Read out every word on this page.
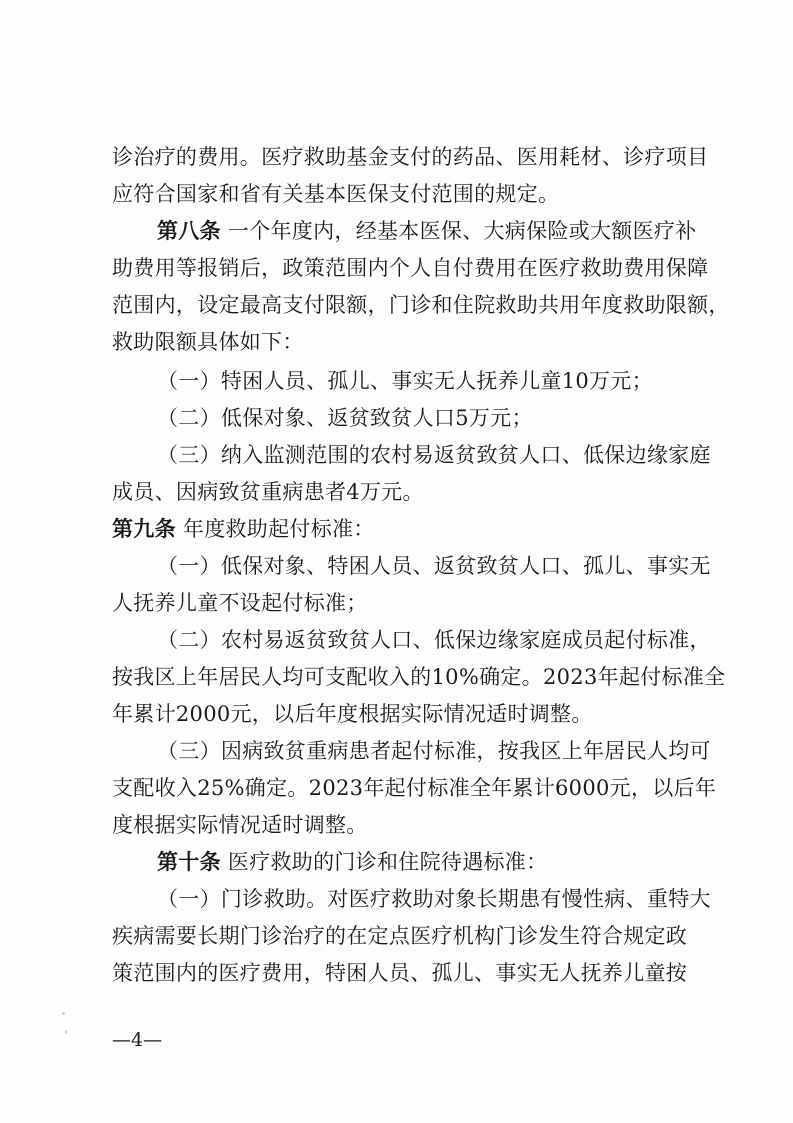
诊治疗的费用。医疗救助基金支付的药品、医用耗材、诊疗项目
应符合国家和省有关基本医保支付范围的规定。
第八条 一个年度内，经基本医保、大病保险或大额医疗补
助费用等报销后，政策范围内个人自付费用在医疗救助费用保障
范围内，设定最高支付限额，门诊和住院救助共用年度救助限额，
救助限额具体如下：
（一）特困人员、孤儿、事实无人抚养儿童10万元；
（二）低保对象、返贫致贫人口5万元；
（三）纳入监测范围的农村易返贫致贫人口、低保边缘家庭
成员、因病致贫重病患者4万元。
第九条 年度救助起付标准：
（一）低保对象、特困人员、返贫致贫人口、孤儿、事实无
人抚养儿童不设起付标准；
（二）农村易返贫致贫人口、低保边缘家庭成员起付标准，
按我区上年居民人均可支配收入的10%确定。2023年起付标准全
年累计2000元，以后年度根据实际情况适时调整。
（三）因病致贫重病患者起付标准，按我区上年居民人均可
支配收入25%确定。2023年起付标准全年累计6000元，以后年
度根据实际情况适时调整。
第十条 医疗救助的门诊和住院待遇标准：
（一）门诊救助。对医疗救助对象长期患有慢性病、重特大
疾病需要长期门诊治疗的在定点医疗机构门诊发生符合规定政
策范围内的医疗费用，特困人员、孤儿、事实无人抚养儿童按
—4—
